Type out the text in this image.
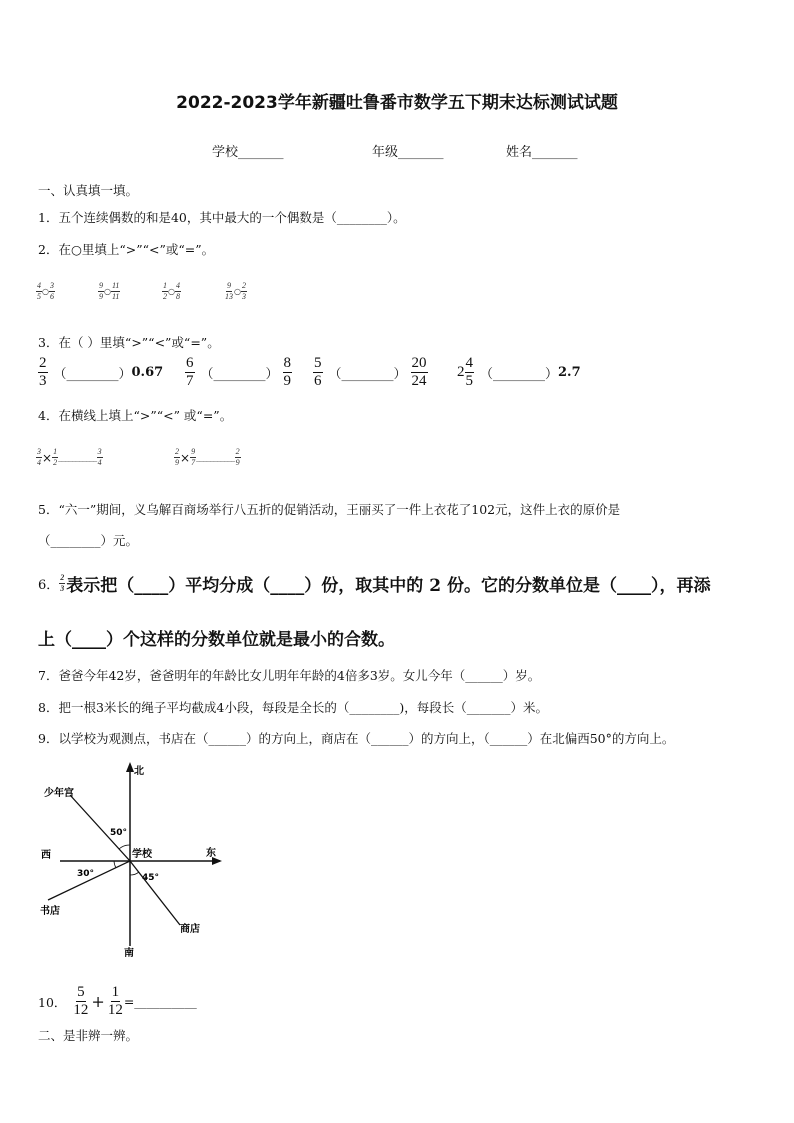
2022-2023学年新疆吐鲁番市数学五下期末达标测试试题
学校_______	年级_______	姓名_______
一、认真填一填。
1．五个连续偶数的和是40，其中最大的一个偶数是（________）。
2．在○里填上“>”“<”或“=”。
$\frac{4}{5}$ ○ $\frac{3}{6}$	$\frac{9}{9}$ ○ $\frac{11}{11}$	$\frac{1}{2}$ ○ $\frac{4}{8}$	$\frac{9}{13}$ ○ $\frac{2}{3}$
3．在（ ）里填“>”“<”或“=”。
$\frac{2}{3}$ （________） $0.67 \frac{6}{7}$ （________） $\frac{8}{9} \frac{5}{6}$ （________） $\frac{20}{24} 2 \frac{4}{5}$ （________） 2.7
4．在横线上填上“>”“<” 或“=”。
$\frac{3}{4} \times \frac{1}{2}$ ___________ $\frac{3}{4}$	$\frac{2}{9} \times \frac{9}{7}$ ___________ $\frac{2}{9}$
5．“六一”期间，义乌解百商场举行八五折的促销活动，王丽买了一件上衣花了102元，这件上衣的原价是
（________）元。
6． $\frac{2}{3}$ 表示把（____）平均分成（____）份，取其中的 2 份。它的分数单位是（____），再添
上（____）个这样的分数单位就是最小的合数。
7．爸爸今年42岁，爸爸明年的年龄比女儿明年年龄的4倍多3岁。女儿今年（______）岁。
8．把一根3米长的绳子平均截成4小段，每段是全长的（________)，每段长（_______）米。
9．以学校为观测点，书店在（______）的方向上，商店在（______）的方向上，（______）在北偏西50°的方向上。
北
南
东
西	学校
少年宫
书店
商店
50°
30°	45°
10． $\frac{5}{12} + \frac{1}{12}$ =__________
二、是非辨一辨。
